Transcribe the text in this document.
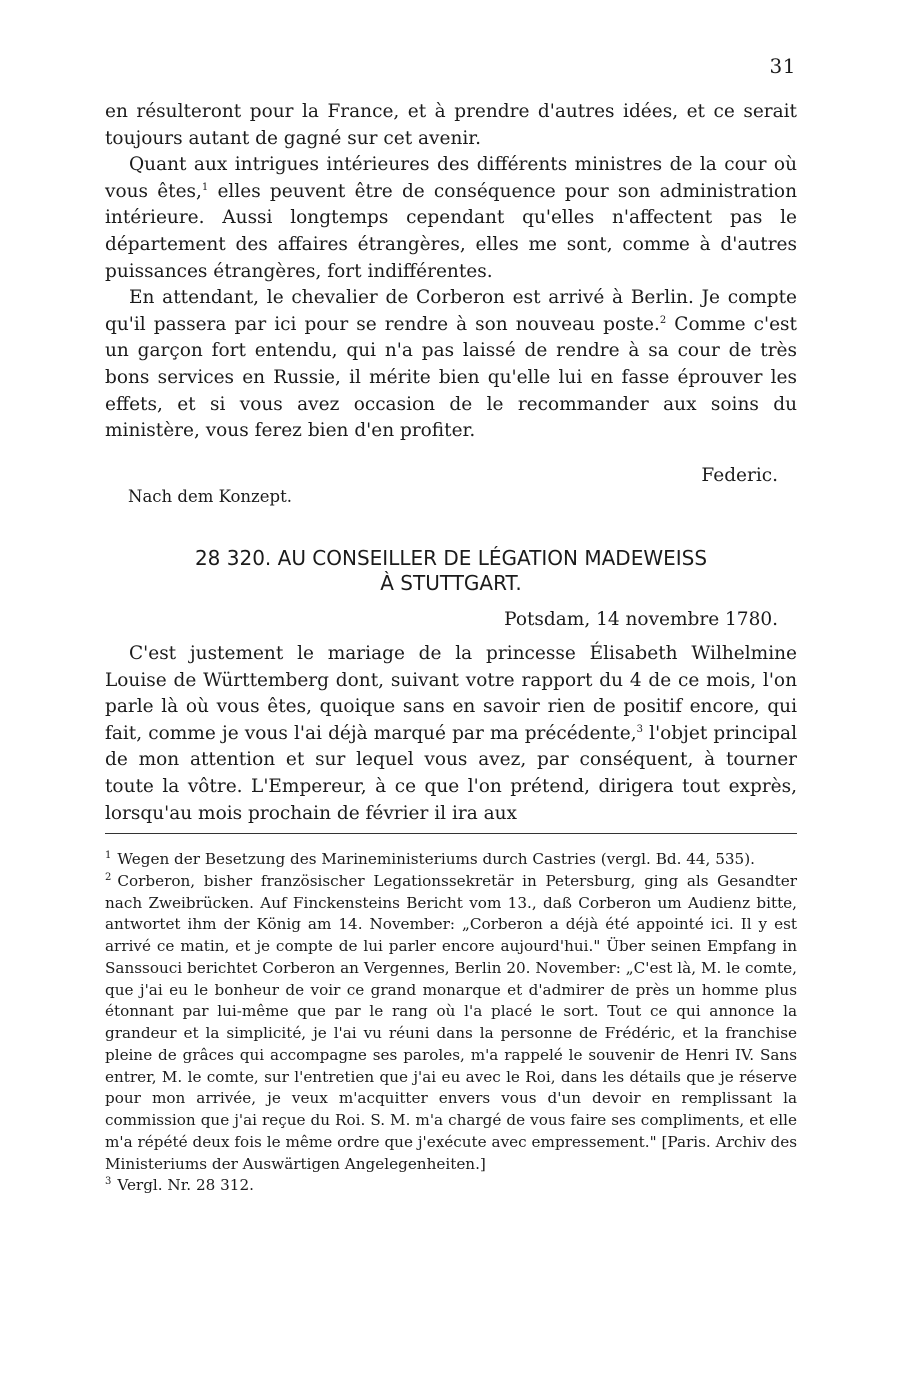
31

en résulteront pour la France, et à prendre d'autres idées, et ce serait toujours autant de gagné sur cet avenir.

Quant aux intrigues intérieures des différents ministres de la cour où vous êtes,$^1$ elles peuvent être de conséquence pour son administration intérieure. Aussi longtemps cependant qu'elles n'affectent pas le département des affaires étrangères, elles me sont, comme à d'autres puissances étrangères, fort indifférentes.

En attendant, le chevalier de Corberon est arrivé à Berlin. Je compte qu'il passera par ici pour se rendre à son nouveau poste.$^2$ Comme c'est un garçon fort entendu, qui n'a pas laissé de rendre à sa cour de très bons services en Russie, il mérite bien qu'elle lui en fasse éprouver les effets, et si vous avez occasion de le recommander aux soins du ministère, vous ferez bien d'en profiter.

Federic.
Nach dem Konzept.
28 320. AU CONSEILLER DE LÉGATION MADEWEISS
À STUTTGART.
Potsdam, 14 novembre 1780.

C'est justement le mariage de la princesse Élisabeth Wilhelmine Louise de Württemberg dont, suivant votre rapport du 4 de ce mois, l'on parle là où vous êtes, quoique sans en savoir rien de positif encore, qui fait, comme je vous l'ai déjà marqué par ma précédente,$^3$ l'objet principal de mon attention et sur lequel vous avez, par conséquent, à tourner toute la vôtre. L'Empereur, à ce que l'on prétend, dirigera tout exprès, lorsqu'au mois prochain de février il ira aux

$^1$ Wegen der Besetzung des Marineministeriums durch Castries (vergl. Bd. 44, 535).

$^2$ Corberon, bisher französischer Legationssekretär in Petersburg, ging als Gesandter nach Zweibrücken. Auf Finckensteins Bericht vom 13., daß Corberon um Audienz bitte, antwortet ihm der König am 14. November: „Corberon a déjà été appointé ici. Il y est arrivé ce matin, et je compte de lui parler encore aujourd'hui." Über seinen Empfang in Sanssouci berichtet Corberon an Vergennes, Berlin 20. November: „C'est là, M. le comte, que j'ai eu le bonheur de voir ce grand monarque et d'admirer de près un homme plus étonnant par lui-même que par le rang où l'a placé le sort. Tout ce qui annonce la grandeur et la simplicité, je l'ai vu réuni dans la personne de Frédéric, et la franchise pleine de grâces qui accompagne ses paroles, m'a rappelé le souvenir de Henri IV. Sans entrer, M. le comte, sur l'entretien que j'ai eu avec le Roi, dans les détails que je réserve pour mon arrivée, je veux m'acquitter envers vous d'un devoir en remplissant la commission que j'ai reçue du Roi. S. M. m'a chargé de vous faire ses compliments, et elle m'a répété deux fois le même ordre que j'exécute avec empressement." [Paris. Archiv des Ministeriums der Auswärtigen Angelegenheiten.]

$^3$ Vergl. Nr. 28 312.
